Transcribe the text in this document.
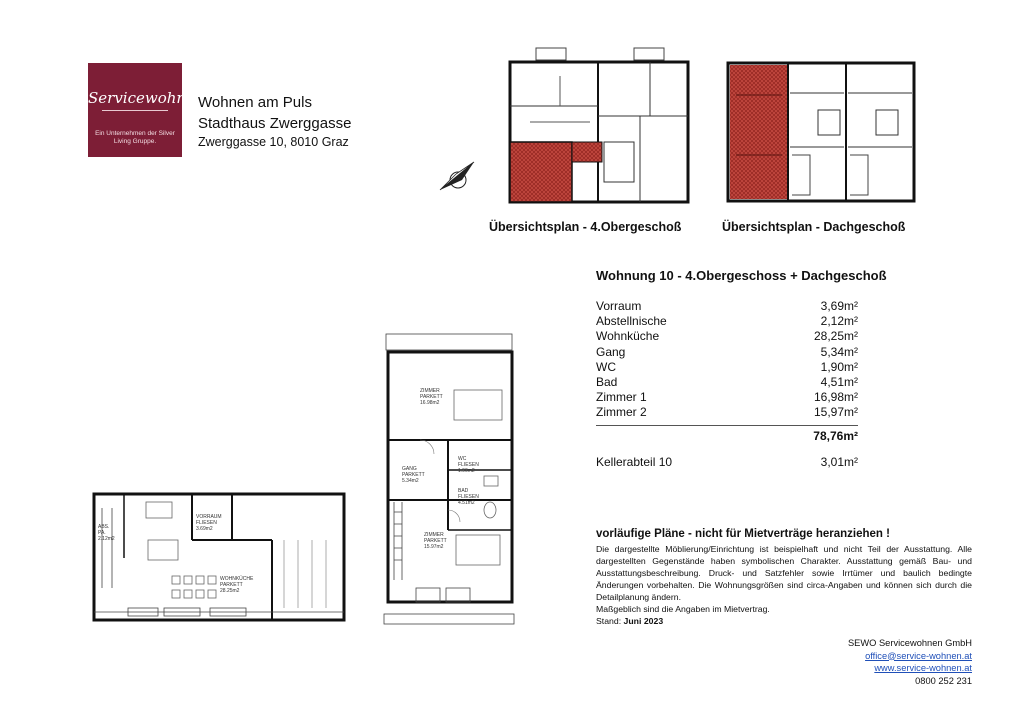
Servicewohnen
Ein Unternehmen der Silver Living Gruppe.
Wohnen am Puls
Stadthaus Zwerggasse
Zwerggasse 10, 8010 Graz
Übersichtsplan - 4.Obergeschoß	Übersichtsplan - Dachgeschoß
ZIMMER
PARKETT
16.98m2
GANG
PARKETT
5.34m2
WC
FLIESEN
1.90m2
BAD
FLIESEN
4.51m2
ZIMMER
PARKETT
15.97m2
VORRAUM
FLIESEN
3.69m2
WOHNKÜCHE
PARKETT
28.25m2
ABS.
PA.
2.12m2
Wohnung 10 - 4.Obergeschoss + Dachgeschoß
Vorraum	3,69m²
Abstellnische	2,12m²
Wohnküche	28,25m²
Gang	5,34m²
WC	1,90m²
Bad	4,51m²
Zimmer 1	16,98m²
Zimmer 2	15,97m²
78,76m²
Kellerabteil 10	3,01m²
vorläufige Pläne - nicht für Mietverträge heranziehen !
Die dargestellte Möblierung/Einrichtung ist beispielhaft und nicht Teil der Ausstattung. Alle dargestellten Gegenstände haben symbolischen Charakter. Ausstattung gemäß Bau- und Ausstattungsbeschreibung. Druck- und Satzfehler sowie Irrtümer und baulich bedingte Änderungen vorbehalten. Die Wohnungsgrößen sind circa-Angaben und können sich durch die Detailplanung ändern.
Maßgeblich sind die Angaben im Mietvertrag.
Stand: Juni 2023
SEWO Servicewohnen GmbH
office@service-wohnen.at
www.service-wohnen.at
0800 252 231
